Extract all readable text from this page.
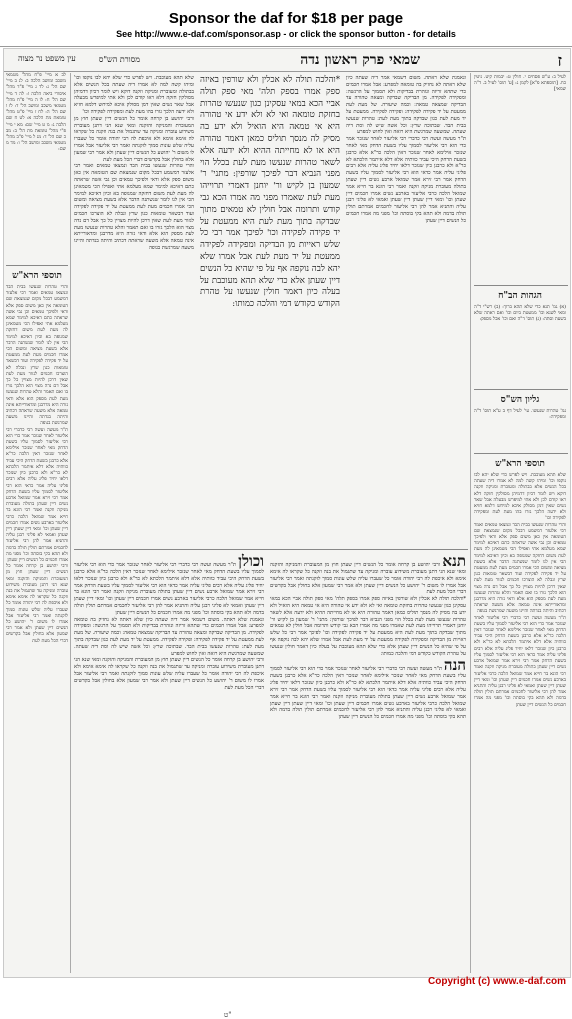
Sponsor the daf for $18 per page
See http://www.e-daf.com/sponsor.asp - or click the sponsor button - for details
ז
שמאי פרק ראשון נדה
עין משפט נר מצוה	מסורת הש"ס
לב א מיי' פ"ח מהל' מטמאי משכב ומושב הלכה ב: לג ב מיי' שם הל' ג: לד ג מיי' פ"ד מהל' איסורי ביאה הלכה ז: לה ד מיי' שם הל' ח: לו ה מיי' פ"ח מהל' מטמאי משכב ומושב הל' ד: לז ו שם הל' ה: לח ז מיי' פ"ט מהל' טומאת מת הלכה א: לט ח שם הלכה ג: מ ט מיי' שם: מא י מיי' פ"י מהל' טומאת מת הל' ב: מב כ שם הל' ד: מג ל מיי' פ"ב מהל' מטמאי משכב ומושב הל' ו: מד מ שם:
תוספי הרא"ש
והרי טהרות שנעשו בבית הבד ונמצאו טמאים ואמר רבי אלעזר דמשמע דבכל מקום שנמצאת שם הטומאה אין כאן משום ספק אלא ודאי ולפיכך טמאים וכן גבי אשה שראתה כתם דאיכא למימר שמא מעלמא אתי ואפילו הכי מטמאינן לה מעת לעת משום דחזקה שמגופה בא וכיון דאיכא למימר הכי אין לנו לומר שנשתנה הדבר אלא בשעת מציאה ומשום הכי אמרו חכמים מעת לעת ממעטת על יד פקידה לפקידה ועוד דבשאר טומאות כגון שרץ ונבלה לא הוצרכו חכמים לגזור מעת לעת שאין דרכן להיות מצויין כל כך אבל דם נדה מצוי הוא הלכך גזרו בו ואם תאמר והלא טהרות שנעשו מעת לעת מספק הוא אלא ודאי גזרה היא מדרבנן ומדאורייתא אינה טמאה אלא משעה שראתה דכתיב והיתה בנדתה והיינו משעה שמרגשת בגופה
ת"ר מעשה ועשה רבי כדברי רבי אליעזר לאחר שנזכר אמר כדי הוא רבי אליעזר לסמוך עליו בשעת הדחק מאי לאחר שנזכר אילימא לאחר שנזכר דאין הלכה כר"א אלא כרבנן בשעת הדחק היכי עביד כוותיה אלא דלא איתמר הלכתא לא כר"א ולא כרבנן כיון שנזכר דלאו יחיד פליג עליה אלא רבים פליגי עליה אמר כדאי הוא רבי אליעזר לסמוך עליו בשעת הדחק אמר רבי זירא אמר שמואל ארבע נשים דיין שעתן בתולה מעוברת מניקה וזקנה ואמר רבי הונא בר חייא אמר שמואל הלכה כרבי אליעזר בארבע נשים אמרו חכמים דיין שעתן וכו' ומאי דיין שעתן דיין שעתן ואמאי לא פליגי רבנן עליה והתניא אמר להן רבי אליעזר לחכמים אמרתם תולין תולה בדמה ולא תהא בקי בוסתה וכו' מפני מה אמרו חכמים כל הנשים דיין שעתן
ורבי יהושע בן קרחה אומר כל הנשים דיין שעתן חוץ מן המעוברת והמניקה והזקנה ומאי שנא הני דתנן מעוברת משידוע עוברה ומניקה עד שתגמול את בנה וזקנה כל שקראו לה אימא אימא ולא איכפת לה רבי יהודה אומר כל שעברו עליה שלש עונות סמוך לזקנתה ואמר רבי אליעזר אבל אמרו לו משום ר' יהושע כל הנשים דיין שעתן ולא אמר רבי שמעון אלא בחולין אבל בקדשים דברי הכל מעת לעת
שלא תהא מעוכבת. ויש לפרש כדי שלא יהא לבו נוקפו וכו' ומיהו קשה למה לא אמרו דיה שעתה בכל הנשים אלא בבתולה ומעוברת ומניקה וזקנה דוקא ויש לומר דכיון דדמיהן מסולקין חזקה דלא ראו קודם לכן ולא אתי למיפרש מבעלה אבל שאר נשים שאין דמן מסולק איכא למיחש דלמא חזיא ולא ידעה הלכך גזרו בהו מעת לעת ומפקידה לפקידה וכו'
ורבי יהושע בן קרחה אומר כל הנשים דיין שעתן חוץ מן המעוברת והמניקה והזקנה ומאי שנא הני דתנן מעוברת משידוע עוברה ומניקה עד שתגמול את בנה וזקנה כל שקראו לה אימא אימא ולא איכפת לה רבי יהודה אומר כל שעברו עליה שלש עונות סמוך לזקנתה ואמר רבי אליעזר אבל אמרו לו משום ר' יהושע כל הנשים דיין שעתן ולא אמר רבי שמעון אלא בחולין אבל בקדשים דברי הכל מעת לעת
והרי טהרות שנעשו בבית הבד ונמצאו טמאים ואמר רבי אלעזר דמשמע דבכל מקום שנמצאת שם הטומאה אין כאן משום ספק אלא ודאי ולפיכך טמאים וכן גבי אשה שראתה כתם דאיכא למימר שמא מעלמא אתי ואפילו הכי מטמאינן לה מעת לעת משום דחזקה שמגופה בא וכיון דאיכא למימר הכי אין לנו לומר שנשתנה הדבר אלא בשעת מציאה ומשום הכי אמרו חכמים מעת לעת ממעטת על יד פקידה לפקידה ועוד דבשאר טומאות כגון שרץ ונבלה לא הוצרכו חכמים לגזור מעת לעת שאין דרכן להיות מצויין כל כך אבל דם נדה מצוי הוא הלכך גזרו בו ואם תאמר והלא טהרות שנעשו מעת לעת מספק הוא אלא ודאי גזרה היא מדרבנן ומדאורייתא אינה טמאה אלא משעה שראתה דכתיב והיתה בנדתה והיינו משעה שמרגשת בגופה
*והלכה תולה לא אכלין ולא שורפין באיזה ספק אמרו בספק תלה' מאי ספק תולה אביי הכא במאי עסקינן כגון שנעשו טהרות בחזקת טומאה ואי לא ולא ידע אי טהורה היא אי טמאה היא הואיל ולא ידע בה מסיק לה מנסך תוליס כמאן דאמר טהורה היא או לא מחייתה ההיא ולא ידעה אלא לשאר טהרות שנעשו מעת לעת בכלל הוי מפני הנביא דבר לפיכך שורפין: מתני' ר' שמעון בן לקיש ור' יוחנן דאמרי תרוייהו מעת לעת שאמרו מפני מה אמרו הכא גבי קודש ותרומה אבל חולין לא טמאים מתוך שבדקה בתוך מעת לעת היא ממעטת על יד פקידה לפקידה וכו' לפיכך אמר רבי כל שלש ראייות מן הבדיקה ומפקידה לפקידה ממעטת על יד מעת לעת אבל אמרו שלא יהא לבה נוקפה אף על פי שהיא כל הנשים דיין שעתן אלא כדי שלא תהא מעוכבת על בעלה כיון דאמר חולין שנעשו על טהרת הקודש כקודש דמי והלכה כמותו:
ונאמנת שלא ראתה. משום דשמאי אמר דיה שעתה כיון שלא ראתה לא נחזיק בה טומאה למפרע: אבל אמרו חכמים כדי שתהא זריזה ונזהרת בבדיקות ולא תסמוך על הרגשה: ומפקידה לפקידה. מן הבדיקה שבדקה ומצאה טהורה עד הבדיקה שמצאה טמאה: וכמה שיעורה. של מעת לעת ממעטת על יד פקידה לפקידה: ופקידה לפקידה. ממעטת על יד מעת לעת כגון שבדקה בתוך מעת לעת: טהרות שנעשו בבית הבד. שבתוכה שרץ: וכל אשה שיש לה וסת דיה שעתה. שמשעה שמרגשת היא רואה ואין לחוש למפרע
ת"ר מעשה ועשה רבי כדברי רבי אליעזר לאחר שנזכר אמר כדי הוא רבי אליעזר לסמוך עליו בשעת הדחק מאי לאחר שנזכר אילימא לאחר שנזכר דאין הלכה כר"א אלא כרבנן בשעת הדחק היכי עביד כוותיה אלא דלא איתמר הלכתא לא כר"א ולא כרבנן כיון שנזכר דלאו יחיד פליג עליה אלא רבים פליגי עליה אמר כדאי הוא רבי אליעזר לסמוך עליו בשעת הדחק אמר רבי זירא אמר שמואל ארבע נשים דיין שעתן בתולה מעוברת מניקה וזקנה ואמר רבי הונא בר חייא אמר שמואל הלכה כרבי אליעזר בארבע נשים אמרו חכמים דיין שעתן וכו' ומאי דיין שעתן דיין שעתן ואמאי לא פליגי רבנן עליה והתניא אמר להן רבי אליעזר לחכמים אמרתם תולין תולה בדמה ולא תהא בקי בוסתה וכו' מפני מה אמרו חכמים כל הנשים דיין שעתן
לעיל ב: ע"ש פסחים י. חולין ט: יבמות קיט. גיטין כח. [תוספתא פ"א] לקמן ג: [ע' תוס' לעיל ב. ד"ה שמאי]
הגהות הב"ח
(א) גמ' תנא כדי שלא תהא ברוך: (ב) רש"י ד"ה ומאי לשנא וכו' ממעטת ביום וכו' ואם ראתה שלא בשעת וסתה: (ג) תוס' ד"ה ואם וכו' אכל מספק:
גליון הש"ס
גמ' טהרות שנעשו. עי' לעיל דף ב ע"א תוס' ד"ה ומפקידה:
תוספי הרא"ש
שלא תהא מעוכבת. ויש לפרש כדי שלא יהא לבו נוקפו וכו' ומיהו קשה למה לא אמרו דיה שעתה בכל הנשים אלא בבתולה ומעוברת ומניקה וזקנה דוקא ויש לומר דכיון דדמיהן מסולקין חזקה דלא ראו קודם לכן ולא אתי למיפרש מבעלה אבל שאר נשים שאין דמן מסולק איכא למיחש דלמא חזיא ולא ידעה הלכך גזרו בהו מעת לעת ומפקידה לפקידה וכו'
והרי טהרות שנעשו בבית הבד ונמצאו טמאים ואמר רבי אלעזר דמשמע דבכל מקום שנמצאת שם הטומאה אין כאן משום ספק אלא ודאי ולפיכך טמאים וכן גבי אשה שראתה כתם דאיכא למימר שמא מעלמא אתי ואפילו הכי מטמאינן לה מעת לעת משום דחזקה שמגופה בא וכיון דאיכא למימר הכי אין לנו לומר שנשתנה הדבר אלא בשעת מציאה ומשום הכי אמרו חכמים מעת לעת ממעטת על יד פקידה לפקידה ועוד דבשאר טומאות כגון שרץ ונבלה לא הוצרכו חכמים לגזור מעת לעת שאין דרכן להיות מצויין כל כך אבל דם נדה מצוי הוא הלכך גזרו בו ואם תאמר והלא טהרות שנעשו מעת לעת מספק הוא אלא ודאי גזרה היא מדרבנן ומדאורייתא אינה טמאה אלא משעה שראתה דכתיב והיתה בנדתה והיינו משעה שמרגשת בגופה
ת"ר מעשה ועשה רבי כדברי רבי אליעזר לאחר שנזכר אמר כדי הוא רבי אליעזר לסמוך עליו בשעת הדחק מאי לאחר שנזכר אילימא לאחר שנזכר דאין הלכה כר"א אלא כרבנן בשעת הדחק היכי עביד כוותיה אלא דלא איתמר הלכתא לא כר"א ולא כרבנן כיון שנזכר דלאו יחיד פליג עליה אלא רבים פליגי עליה אמר כדאי הוא רבי אליעזר לסמוך עליו בשעת הדחק אמר רבי זירא אמר שמואל ארבע נשים דיין שעתן בתולה מעוברת מניקה וזקנה ואמר רבי הונא בר חייא אמר שמואל הלכה כרבי אליעזר בארבע נשים אמרו חכמים דיין שעתן וכו' ומאי דיין שעתן דיין שעתן ואמאי לא פליגי רבנן עליה והתניא אמר להן רבי אליעזר לחכמים אמרתם תולין תולה בדמה ולא תהא בקי בוסתה וכו' מפני מה אמרו חכמים כל הנשים דיין שעתן
וכולן ת"ר מעשה ועשה רבי כדברי רבי אליעזר לאחר שנזכר אמר כדי הוא רבי אליעזר לסמוך עליו בשעת הדחק מאי לאחר שנזכר אילימא לאחר שנזכר דאין הלכה כר"א אלא כרבנן בשעת הדחק היכי עביד כוותיה אלא דלא איתמר הלכתא לא כר"א ולא כרבנן כיון שנזכר דלאו יחיד פליג עליה אלא רבים פליגי עליה אמר כדאי הוא רבי אליעזר לסמוך עליו בשעת הדחק אמר רבי זירא אמר שמואל ארבע נשים דיין שעתן בתולה מעוברת מניקה וזקנה ואמר רבי הונא בר חייא אמר שמואל הלכה כרבי אליעזר בארבע נשים אמרו חכמים דיין שעתן וכו' ומאי דיין שעתן דיין שעתן ואמאי לא פליגי רבנן עליה והתניא אמר להן רבי אליעזר לחכמים אמרתם תולין תולה בדמה ולא תהא בקי בוסתה וכו' מפני מה אמרו חכמים כל הנשים דיין שעתן
ונאמנת שלא ראתה. משום דשמאי אמר דיה שעתה כיון שלא ראתה לא נחזיק בה טומאה למפרע: אבל אמרו חכמים כדי שתהא זריזה ונזהרת בבדיקות ולא תסמוך על הרגשה: ומפקידה לפקידה. מן הבדיקה שבדקה ומצאה טהורה עד הבדיקה שמצאה טמאה: וכמה שיעורה. של מעת לעת ממעטת על יד פקידה לפקידה: ופקידה לפקידה. ממעטת על יד מעת לעת כגון שבדקה בתוך מעת לעת: טהרות שנעשו בבית הבד. שבתוכה שרץ: וכל אשה שיש לה וסת דיה שעתה. שמשעה שמרגשת היא רואה ואין לחוש למפרע
ורבי יהושע בן קרחה אומר כל הנשים דיין שעתן חוץ מן המעוברת והמניקה והזקנה ומאי שנא הני דתנן מעוברת משידוע עוברה ומניקה עד שתגמול את בנה וזקנה כל שקראו לה אימא אימא ולא איכפת לה רבי יהודה אומר כל שעברו עליה שלש עונות סמוך לזקנתה ואמר רבי אליעזר אבל אמרו לו משום ר' יהושע כל הנשים דיין שעתן ולא אמר רבי שמעון אלא בחולין אבל בקדשים דברי הכל מעת לעת
תנא ורבי יהושע בן קרחה אומר כל הנשים דיין שעתן חוץ מן המעוברת והמניקה והזקנה ומאי שנא הני דתנן מעוברת משידוע עוברה ומניקה עד שתגמול את בנה וזקנה כל שקראו לה אימא אימא ולא איכפת לה רבי יהודה אומר כל שעברו עליה שלש עונות סמוך לזקנתה ואמר רבי אליעזר אבל אמרו לו משום ר' יהושע כל הנשים דיין שעתן ולא אמר רבי שמעון אלא בחולין אבל בקדשים דברי הכל מעת לעת
*והלכה תולה לא אכלין ולא שורפין באיזה ספק אמרו בספק תלה' מאי ספק תולה אביי הכא במאי עסקינן כגון שנעשו טהרות בחזקת טומאה ואי לא ולא ידע אי טהורה היא אי טמאה היא הואיל ולא ידע בה מסיק לה מנסך תוליס כמאן דאמר טהורה היא או לא מחייתה ההיא ולא ידעה אלא לשאר טהרות שנעשו מעת לעת בכלל הוי מפני הנביא דבר לפיכך שורפין: מתני' ר' שמעון בן לקיש ור' יוחנן דאמרי תרוייהו מעת לעת שאמרו מפני מה אמרו הכא גבי קודש ותרומה אבל חולין לא טמאים מתוך שבדקה בתוך מעת לעת היא ממעטת על יד פקידה לפקידה וכו' לפיכך אמר רבי כל שלש ראייות מן הבדיקה ומפקידה לפקידה ממעטת על יד מעת לעת אבל אמרו שלא יהא לבה נוקפה אף על פי שהיא כל הנשים דיין שעתן אלא כדי שלא תהא מעוכבת על בעלה כיון דאמר חולין שנעשו על טהרת הקודש כקודש דמי והלכה כמותו:
הנה ת"ר מעשה ועשה רבי כדברי רבי אליעזר לאחר שנזכר אמר כדי הוא רבי אליעזר לסמוך עליו בשעת הדחק מאי לאחר שנזכר אילימא לאחר שנזכר דאין הלכה כר"א אלא כרבנן בשעת הדחק היכי עביד כוותיה אלא דלא איתמר הלכתא לא כר"א ולא כרבנן כיון שנזכר דלאו יחיד פליג עליה אלא רבים פליגי עליה אמר כדאי הוא רבי אליעזר לסמוך עליו בשעת הדחק אמר רבי זירא אמר שמואל ארבע נשים דיין שעתן בתולה מעוברת מניקה וזקנה ואמר רבי הונא בר חייא אמר שמואל הלכה כרבי אליעזר בארבע נשים אמרו חכמים דיין שעתן וכו' ומאי דיין שעתן דיין שעתן ואמאי לא פליגי רבנן עליה והתניא אמר להן רבי אליעזר לחכמים אמרתם תולין תולה בדמה ולא תהא בקי בוסתה וכו' מפני מה אמרו חכמים כל הנשים דיין שעתן
ט"
Copyright (c) www.e-daf.com
